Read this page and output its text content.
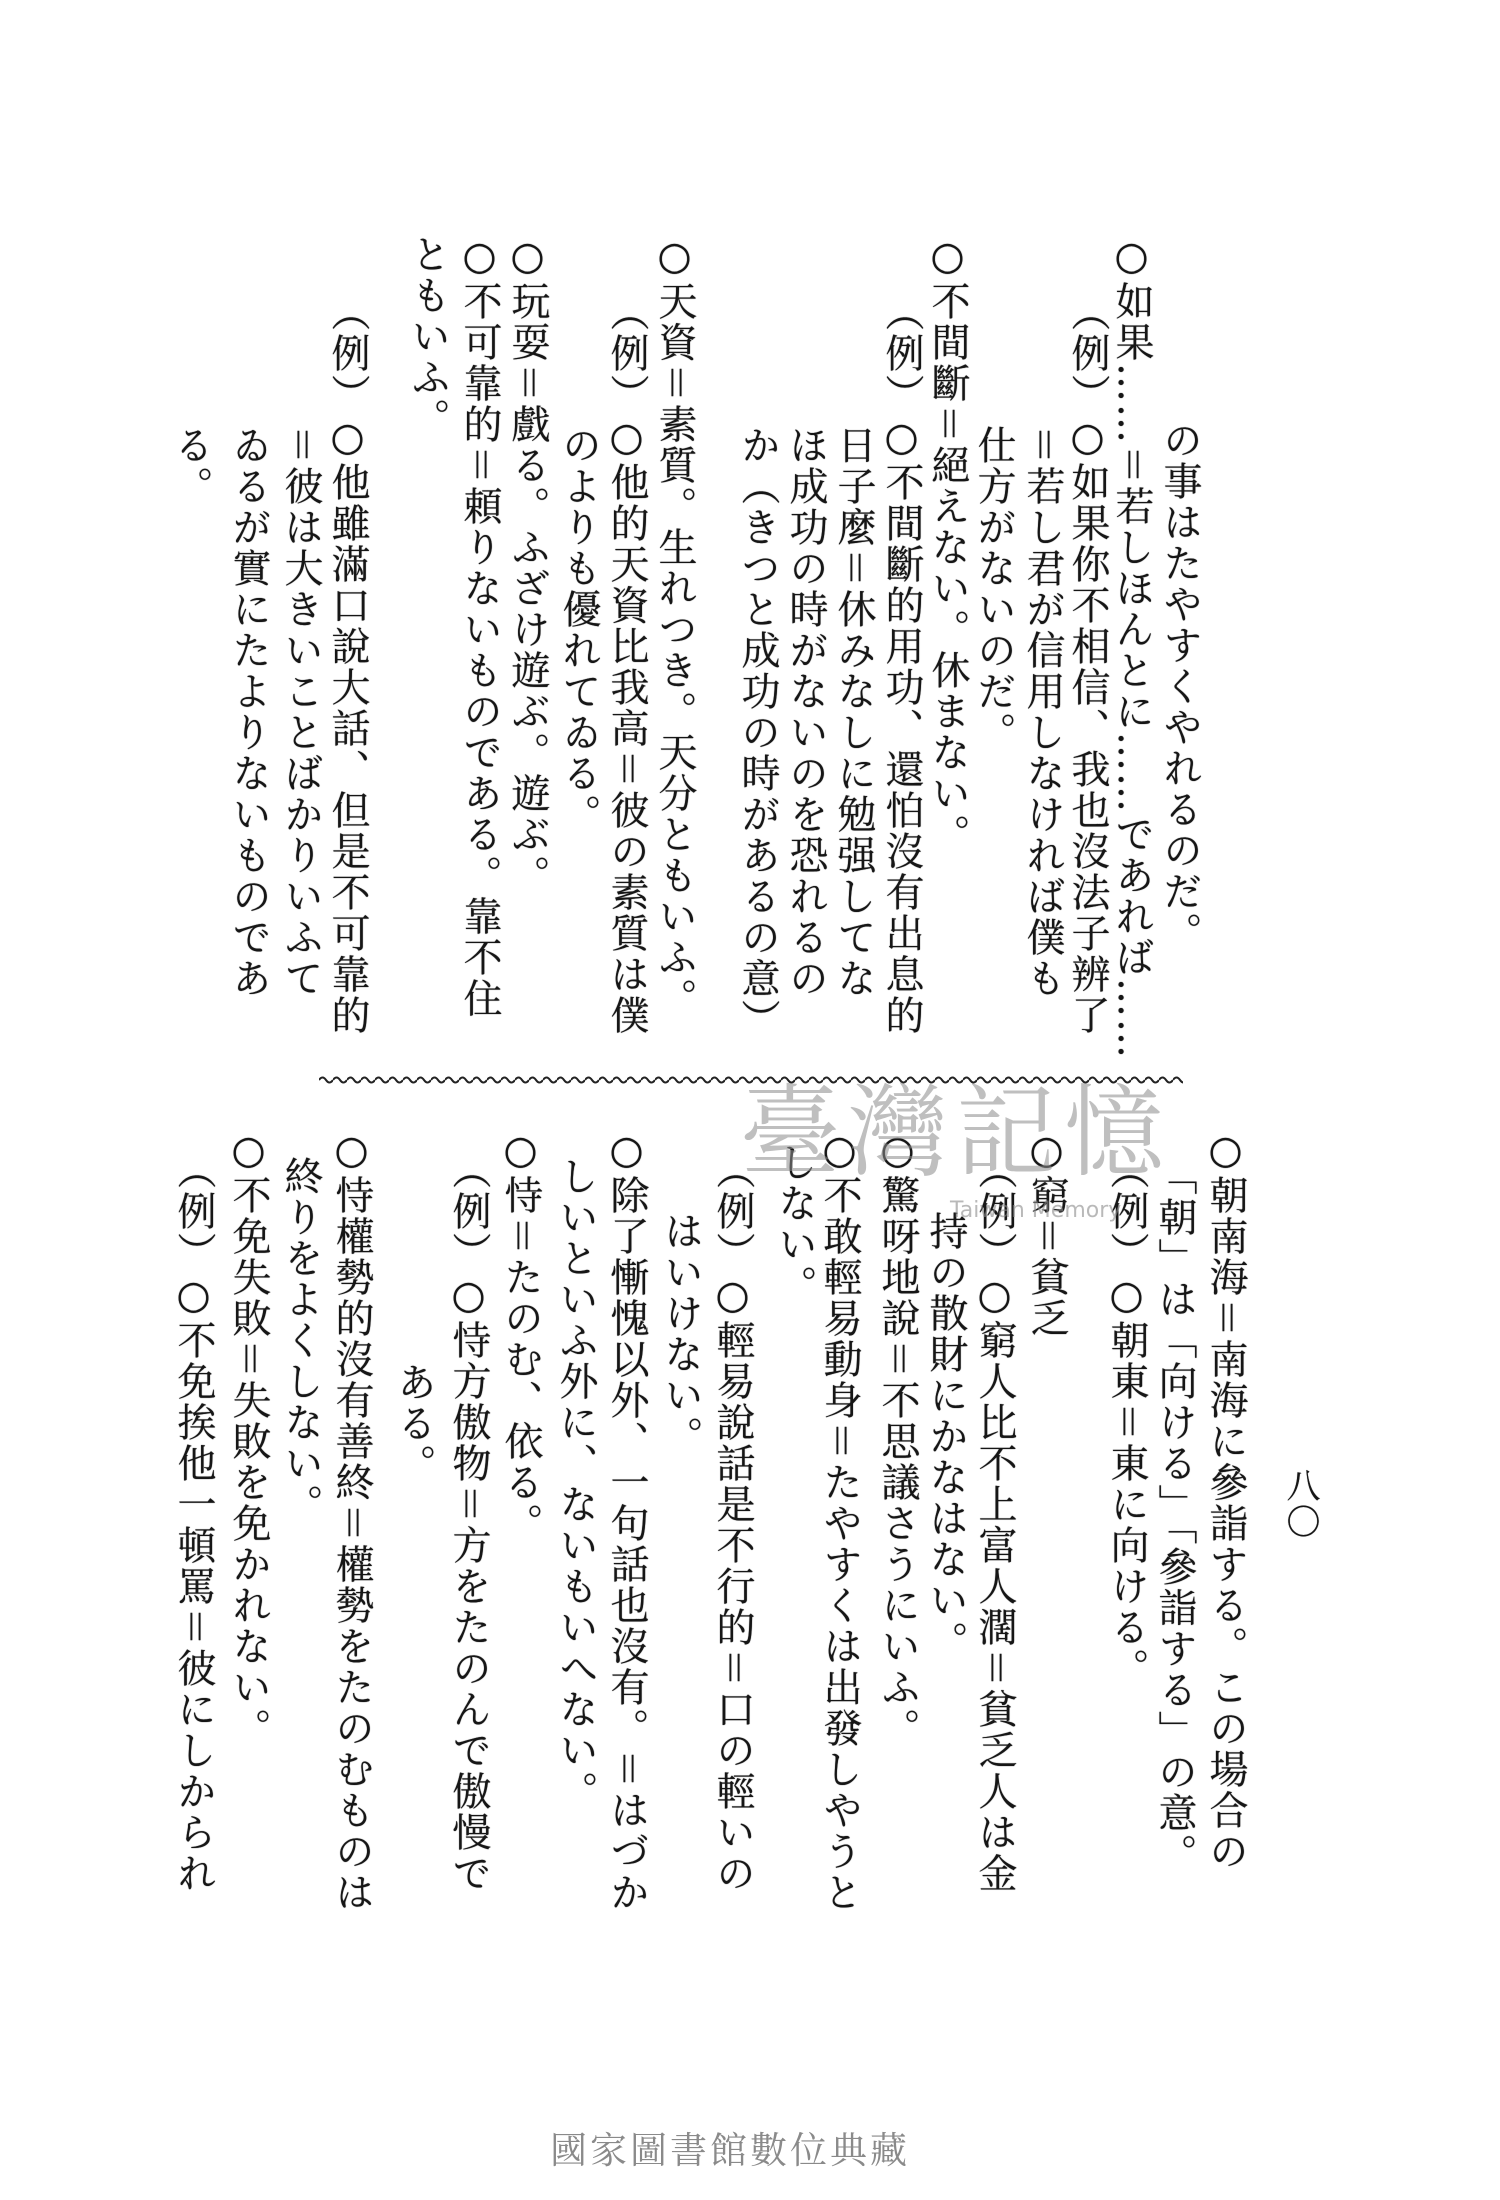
の事はたやすくやれるのだ。
○如果……＝若しほんとに……であれば……
（例）○如果你不相信、我也沒法子辨了
＝若し君が信用しなければ僕も
仕方がないのだ。
○不間斷＝絕えない。休まない。
（例）○不間斷的用功、還怕沒有出息的
日子麼＝休みなしに勉强してな
ほ成功の時がないのを恐れるの
か（きつと成功の時があるの意）
○天資＝素質。生れつき。天分ともいふ。
（例）○他的天資比我高＝彼の素質は僕
のよりも優れてゐる。
○玩耍＝戲る。ふざけ遊ぶ。遊ぶ。
○不可靠的＝頼りないものである。靠不住
ともいふ。
（例）○他雖滿口說大話、但是不可靠的
＝彼は大きいことばかりいふて
ゐるが實にたよりないものであ
る。
○朝南海＝南海に參詣する。この場合の
「朝」は「向ける」「參詣する」の意。
（例）○朝東＝東に向ける。
○窮＝貧乏
（例）○窮人比不上富人濶＝貧乏人は金
持の散財にかなはない。
○驚呀地說＝不思議さうにいふ。
○不敢輕易動身＝たやすくは出發しやうと
しない。
（例）○輕易說話是不行的＝口の輕いの
はいけない。
○除了慚愧以外、一句話也沒有。＝はづか
しいといふ外に、ないもいへない。
○恃＝たのむ、依る。
（例）○恃方傲物＝方をたのんで傲慢で
ある。
○恃權勢的沒有善終＝權勢をたのむものは
終りをよくしない。
○不免失敗＝失敗を免かれない。
（例）○不免挨他一頓罵＝彼にしかられ	八〇
臺灣記憶
Taiwan Memory
國家圖書館數位典藏
